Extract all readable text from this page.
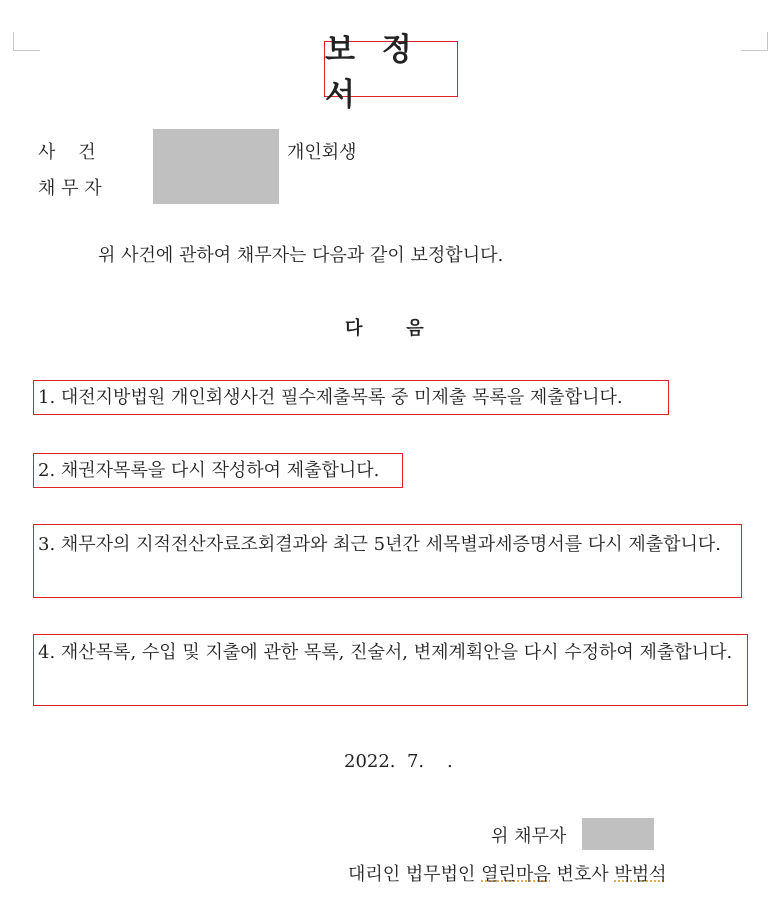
보 정 서
사    건	개인회생
채 무 자
위 사건에 관하여 채무자는 다음과 같이 보정합니다.
다       음
1. 대전지방법원 개인회생사건 필수제출목록 중 미제출 목록을 제출합니다.
2. 채권자목록을 다시 작성하여 제출합니다.
3. 채무자의 지적전산자료조회결과와 최근 5년간 세목별과세증명서를 다시 제출합니다.
4. 재산목록, 수입 및 지출에 관한 목록, 진술서, 변제계획안을 다시 수정하여 제출합니다.
2022.  7.    .
위 채무자
대리인 법무법인 열린마음 변호사 박범석
